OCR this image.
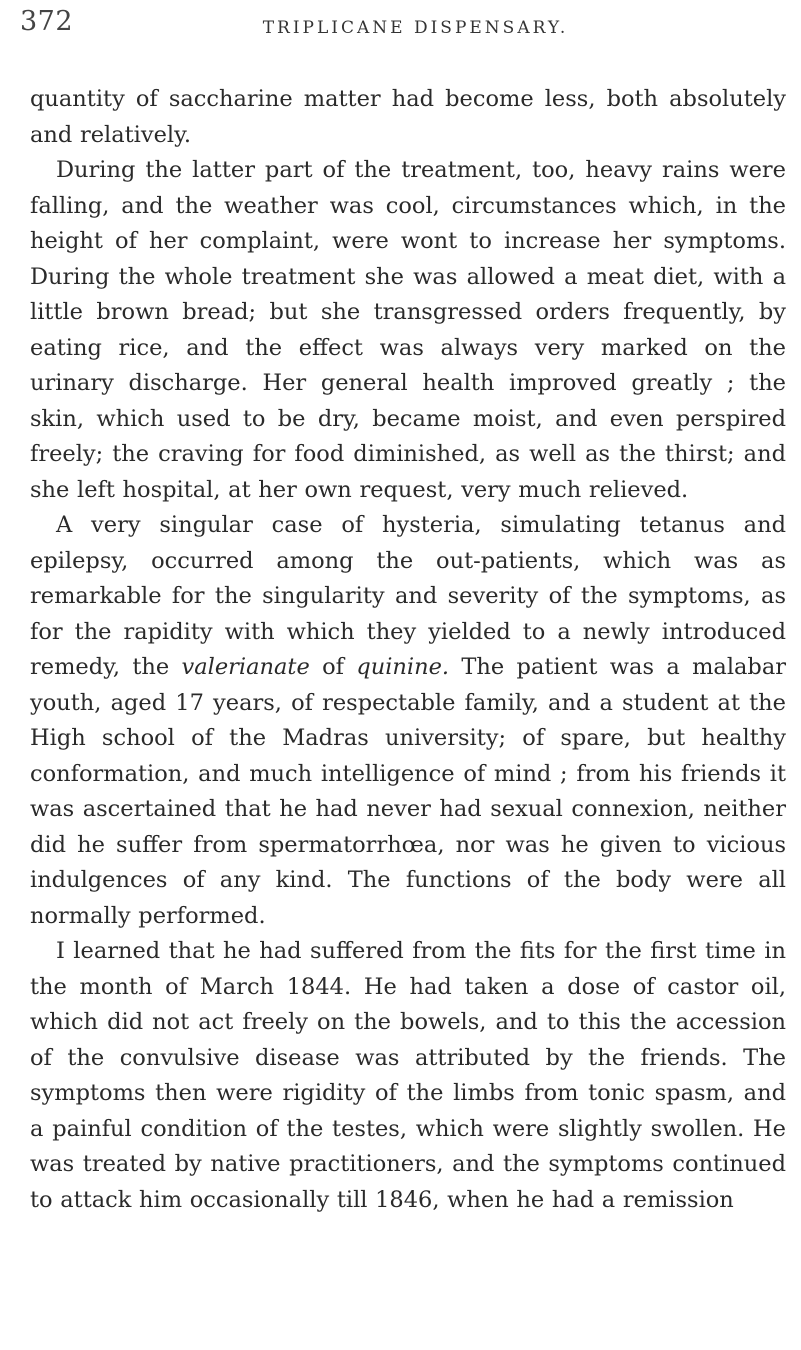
372	TRIPLICANE DISPENSARY.

quantity of saccharine matter had become less, both absolutely and relatively.

During the latter part of the treatment, too, heavy rains were falling, and the weather was cool, circumstances which, in the height of her complaint, were wont to increase her symptoms. During the whole treatment she was allowed a meat diet, with a little brown bread; but she transgressed orders frequently, by eating rice, and the effect was always very marked on the urinary discharge. Her general health improved greatly ; the skin, which used to be dry, became moist, and even perspired freely; the craving for food diminished, as well as the thirst; and she left hospital, at her own request, very much relieved.

A very singular case of hysteria, simulating tetanus and epilepsy, occurred among the out-patients, which was as remarkable for the singularity and severity of the symptoms, as for the rapidity with which they yielded to a newly introduced remedy, the valerianate of quinine. The patient was a malabar youth, aged 17 years, of respectable family, and a student at the High school of the Madras university; of spare, but healthy conformation, and much intelligence of mind ; from his friends it was ascertained that he had never had sexual connexion, neither did he suffer from spermatorrhœa, nor was he given to vicious indulgences of any kind. The functions of the body were all normally performed.

I learned that he had suffered from the fits for the first time in the month of March 1844. He had taken a dose of castor oil, which did not act freely on the bowels, and to this the accession of the convulsive disease was attributed by the friends. The symptoms then were rigidity of the limbs from tonic spasm, and a painful condition of the testes, which were slightly swollen. He was treated by native practitioners, and the symptoms continued to attack him occasionally till 1846, when he had a remission
